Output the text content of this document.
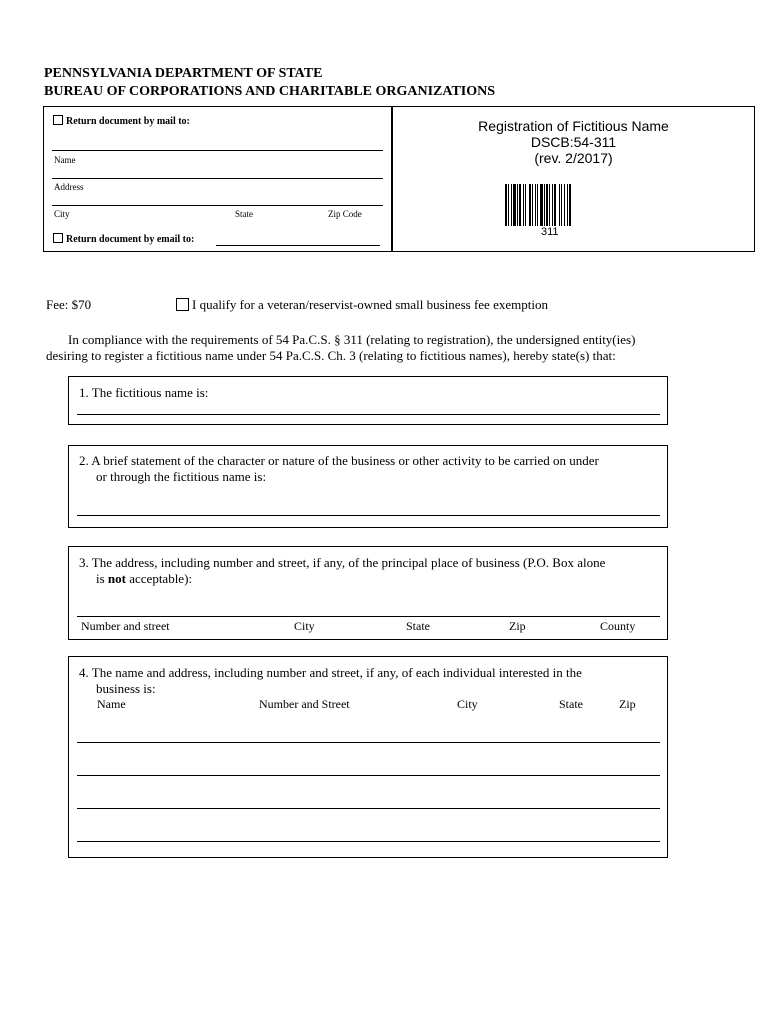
PENNSYLVANIA DEPARTMENT OF STATE
BUREAU OF CORPORATIONS AND CHARITABLE ORGANIZATIONS
Return document by mail to:
Name
Address
City	State	Zip Code
Return document by email to:
Registration of Fictitious Name
DSCB:54-311
(rev. 2/2017)
311
Fee: $70	I qualify for a veteran/reservist-owned small business fee exemption
In compliance with the requirements of 54 Pa.C.S. § 311 (relating to registration), the undersigned entity(ies)
desiring to register a fictitious name under 54 Pa.C.S. Ch. 3 (relating to fictitious names), hereby state(s) that:
1. The fictitious name is:
2. A brief statement of the character or nature of the business or other activity to be carried on under
or through the fictitious name is:
3. The address, including number and street, if any, of the principal place of business (P.O. Box alone
is not acceptable):
Number and street	City	State	Zip	County
4. The name and address, including number and street, if any, of each individual interested in the
business is:
Name	Number and Street	City	State	Zip
